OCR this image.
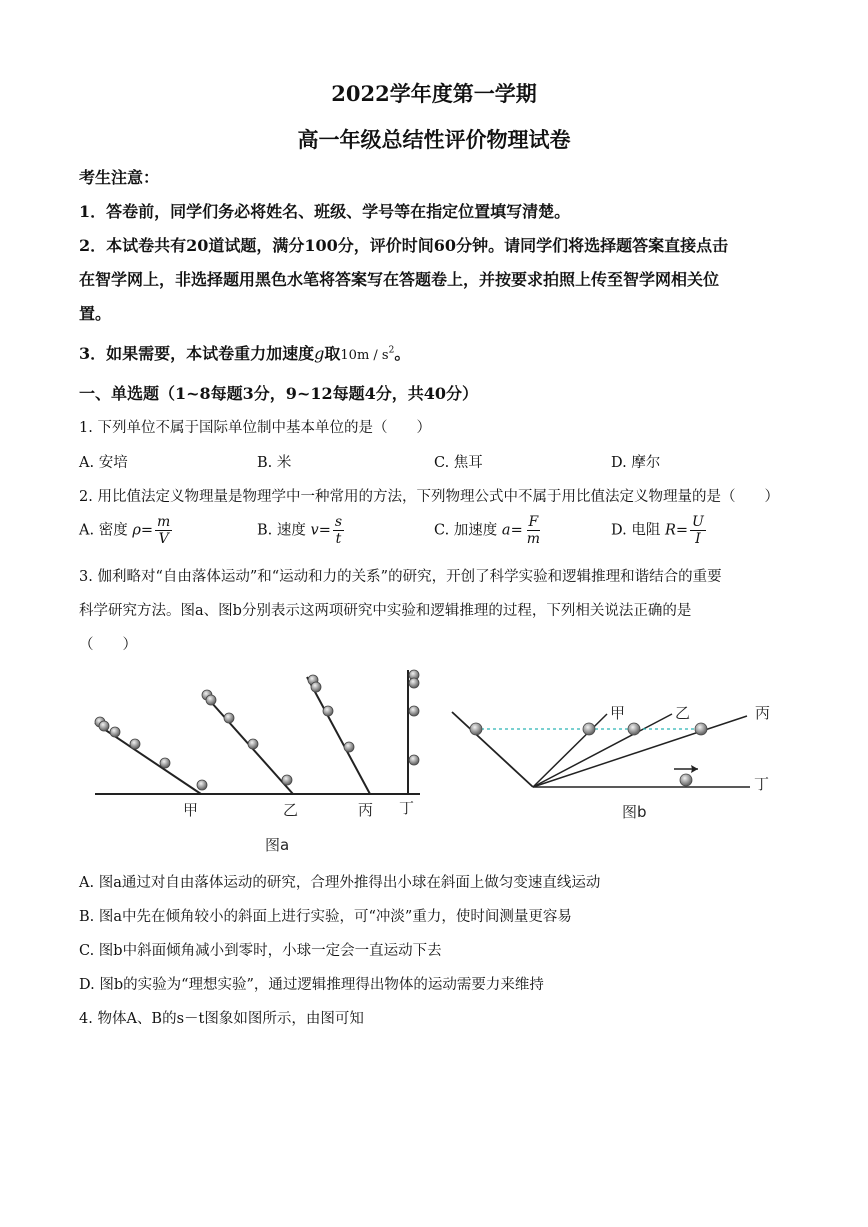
2022学年度第一学期
高一年级总结性评价物理试卷
考生注意：
1．答卷前，同学们务必将姓名、班级、学号等在指定位置填写清楚。
2．本试卷共有20道试题，满分100分，评价时间60分钟。请同学们将选择题答案直接点击
在智学网上，非选择题用黑色水笔将答案写在答题卷上，并按要求拍照上传至智学网相关位
置。
3．如果需要，本试卷重力加速度g取$10m / s^2$。
一、单选题（1~8每题3分，9~12每题4分，共40分）
1. 下列单位不属于国际单位制中基本单位的是（　　）
A. 安培	B. 米	C. 焦耳	D. 摩尔
2. 用比值法定义物理量是物理学中一种常用的方法，下列物理公式中不属于用比值法定义物理量的是（　　）
A. 密度 $\rho= \frac{m}{V}$	B. 速度 $v= \frac{s}{t}$	C. 加速度 $a= \frac{F}{m}$	D. 电阻 $R= \frac{U}{I}$
3. 伽利略对“自由落体运动”和“运动和力的关系”的研究，开创了科学实验和逻辑推理和谐结合的重要
科学研究方法。图a、图b分别表示这两项研究中实验和逻辑推理的过程，下列相关说法正确的是
（　　）
甲	乙	丙 丁
图a
甲	乙	丙
丁
图b
A. 图a通过对自由落体运动的研究，合理外推得出小球在斜面上做匀变速直线运动
B. 图a中先在倾角较小的斜面上进行实验，可“冲淡”重力，使时间测量更容易
C. 图b中斜面倾角减小到零时，小球一定会一直运动下去
D. 图b的实验为“理想实验”，通过逻辑推理得出物体的运动需要力来维持
4. 物体A、B的s－t图象如图所示，由图可知
